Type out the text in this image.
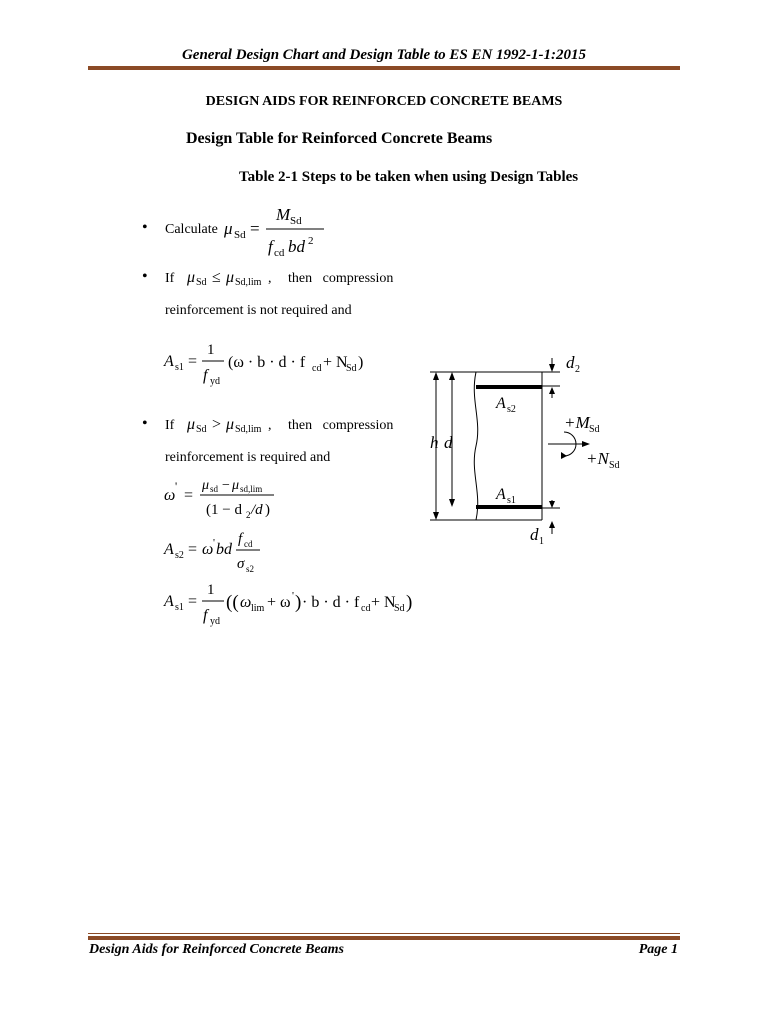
General Design Chart and Design Table to ES EN 1992-1-1:2015
DESIGN AIDS FOR REINFORCED CONCRETE BEAMS
Design Table for Reinforced Concrete Beams
Table 2-1 Steps to be taken when using Design Tables
• Calculate μ Sd =
M Sd
f cd bd 2
• If μ Sd ≤ μ Sd,lim , then   compression
reinforcement is not required and
A s1 =
1
f yd
(ω · b · d · f cd + N
Sd )
• If μ Sd > μ Sd,lim , then   compression
reinforcement is required and
ω
'
=
μ sd − μ sd,lim
(1 − d 2 /d )
A s2 = ω ' bd
f cd
σ s2
A s1 =
1
f yd
(( ω lim + ω ' ) · b · d · f cd + N
Sd )
d 2
A s2
h d
A s1
d 1
+M Sd
+N Sd
Design Aids for Reinforced Concrete Beams	Page 1
